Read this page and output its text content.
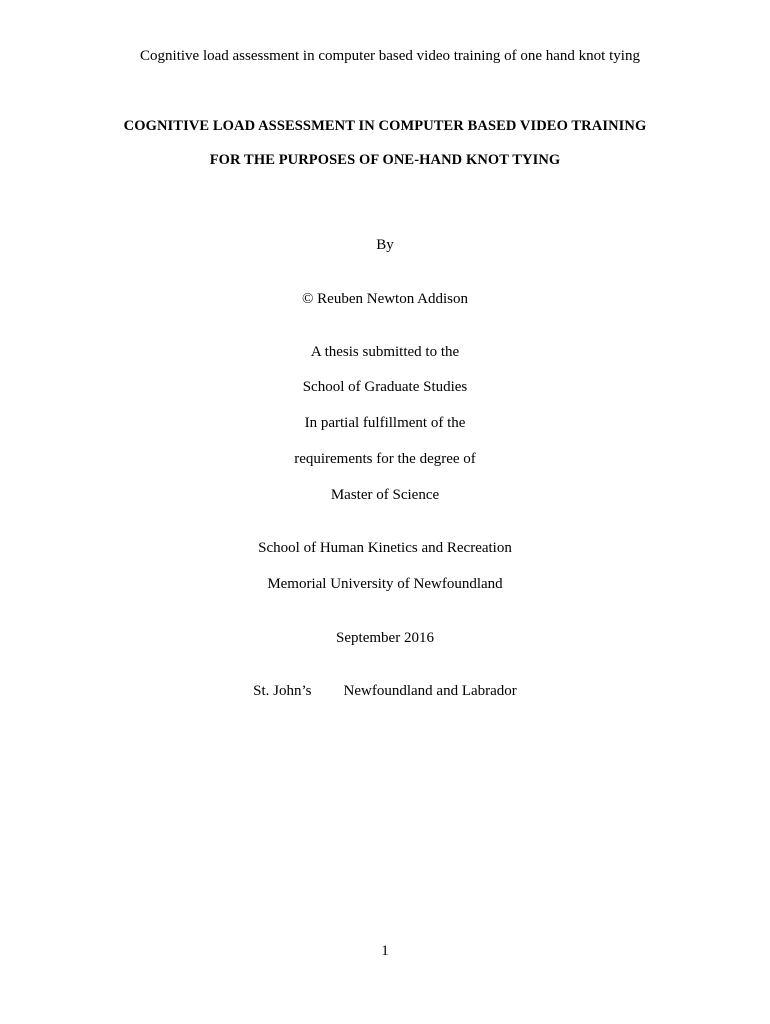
Cognitive load assessment in computer based video training of one hand knot tying
COGNITIVE LOAD ASSESSMENT IN COMPUTER BASED VIDEO TRAINING
FOR THE PURPOSES OF ONE-HAND KNOT TYING
By
© Reuben Newton Addison
A thesis submitted to the
School of Graduate Studies
In partial fulfillment of the
requirements for the degree of
Master of Science
School of Human Kinetics and Recreation
Memorial University of Newfoundland
September 2016
St. John’s Newfoundland and Labrador
1
